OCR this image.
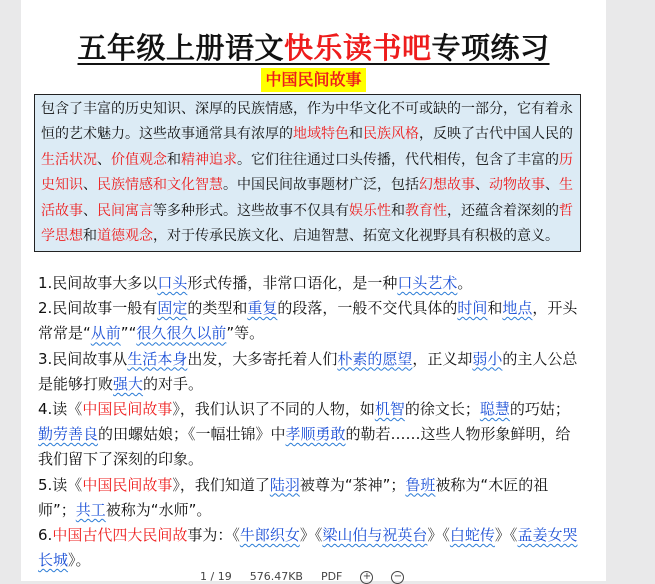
五年级上册语文快乐读书吧专项练习
中国民间故事
包含了丰富的历史知识、深厚的民族情感，作为中华文化不可或缺的一部分，它有着永恒的艺术魅力。这些故事通常具有浓厚的地域特色和民族风格，反映了古代中国人民的生活状况、价值观念和精神追求。它们往往通过口头传播，代代相传，包含了丰富的历史知识、民族情感和文化智慧。中国民间故事题材广泛，包括幻想故事、动物故事、生活故事、民间寓言等多种形式。这些故事不仅具有娱乐性和教育性，还蕴含着深刻的哲学思想和道德观念，对于传承民族文化、启迪智慧、拓宽文化视野具有积极的意义。

1.民间故事大多以口头形式传播，非常口语化，是一种口头艺术。

2.民间故事一般有固定的类型和重复的段落，一般不交代具体的时间和地点，开头常常是“从前”“很久很久以前”等。

3.民间故事从生活本身出发，大多寄托着人们朴素的愿望，正义却弱小的主人公总是能够打败强大的对手。

4.读《中国民间故事》，我们认识了不同的人物，如机智的徐文长；聪慧的巧姑；勤劳善良的田螺姑娘；《一幅壮锦》中孝顺勇敢的勒若……这些人物形象鲜明，给我们留下了深刻的印象。

5.读《中国民间故事》，我们知道了陆羽被尊为“茶神”；鲁班被称为“木匠的祖师”；共工被称为“水师”。

6.中国古代四大民间故事为：《牛郎织女》《梁山伯与祝英台》《白蛇传》《孟姜女哭长城》。

1 / 19 576.47KB PDF + −
